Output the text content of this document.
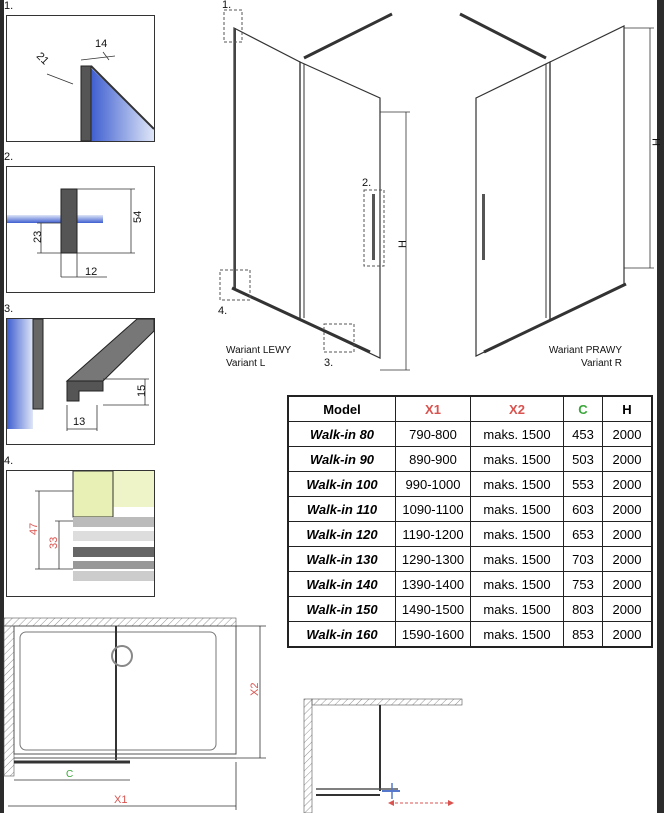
1.
14
21
2.
54
23
12
3.
15
13
4.
47
33
H
1.
2.
4.
3.
H
Wariant LEWY
Variant L
Wariant PRAWY
Variant R
Model	X1	X2	C	H
Walk-in 80	790-800	maks. 1500	453	2000
Walk-in 90	890-900	maks. 1500	503	2000
Walk-in 100	990-1000	maks. 1500	553	2000
Walk-in 110	1090-1100	maks. 1500	603	2000
Walk-in 120	1190-1200	maks. 1500	653	2000
Walk-in 130	1290-1300	maks. 1500	703	2000
Walk-in 140	1390-1400	maks. 1500	753	2000
Walk-in 150	1490-1500	maks. 1500	803	2000
Walk-in 160	1590-1600	maks. 1500	853	2000
X2
C
X1
